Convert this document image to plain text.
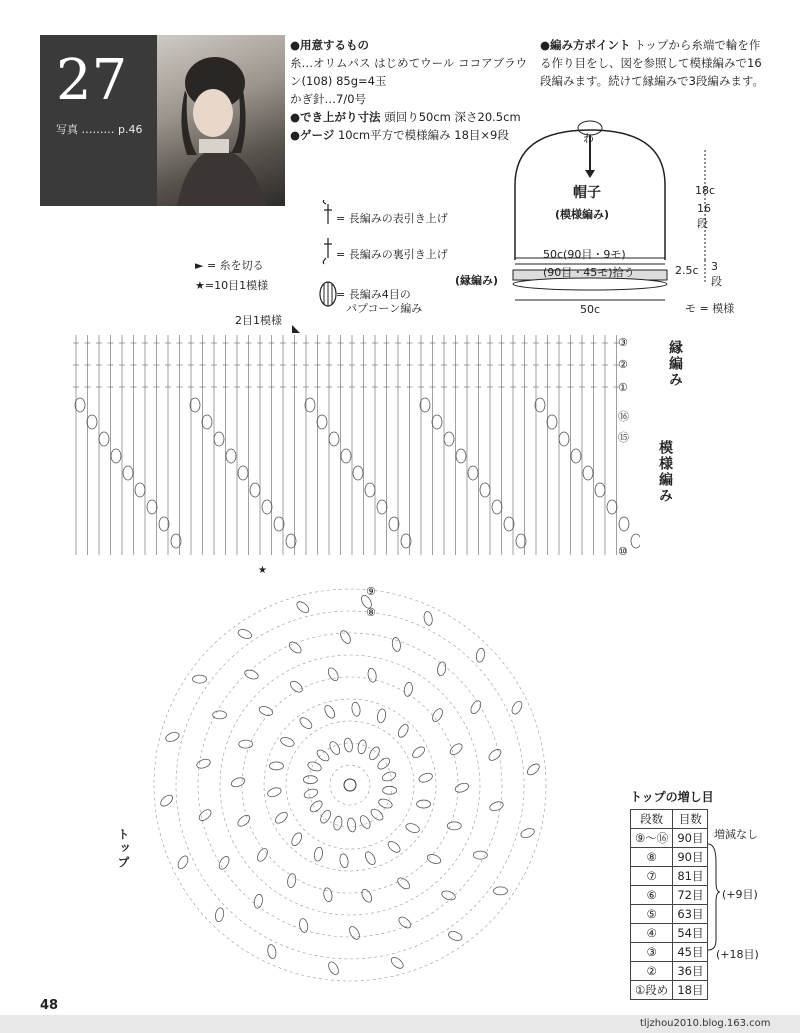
27
写真 ……… p.46
●用意するもの
糸…オリムパス はじめてウール ココアブラウン(108) 85g=4玉
かぎ針…7/0号
●でき上がり寸法 頭回り50cm 深さ20.5cm
●ゲージ 10cm平方で模様編み 18目×9段
●編み方ポイント トップから糸端で輪を作る作り目をし、図を参照して模様編みで16段編みます。続けて縁編みで3段編みます。
= 長編みの表引き上げ
= 長編みの裏引き上げ
= 長編み4目の
パプコーン編み
► = 糸を切る
★=10目1模様
わ
帽子
(模様編み)
18c
16段
50c(90目・9モ)
(90目・45モ)拾う
(縁編み)
2.5c 3段
50c	モ = 模様
2目1模様
★
縁編み
模様編み
トップ
③
②
①
⑯
⑮
⑩
⑨
⑧
トップの増し目
段数	目数
⑨〜⑯	90目
⑧	90目
⑦	81目
⑥	72目
⑤	63目
④	54目
③	45目
②	36目
①段め	18目
増減なし
(+9目)
(+18目)
48
tljzhou2010.blog.163.com
